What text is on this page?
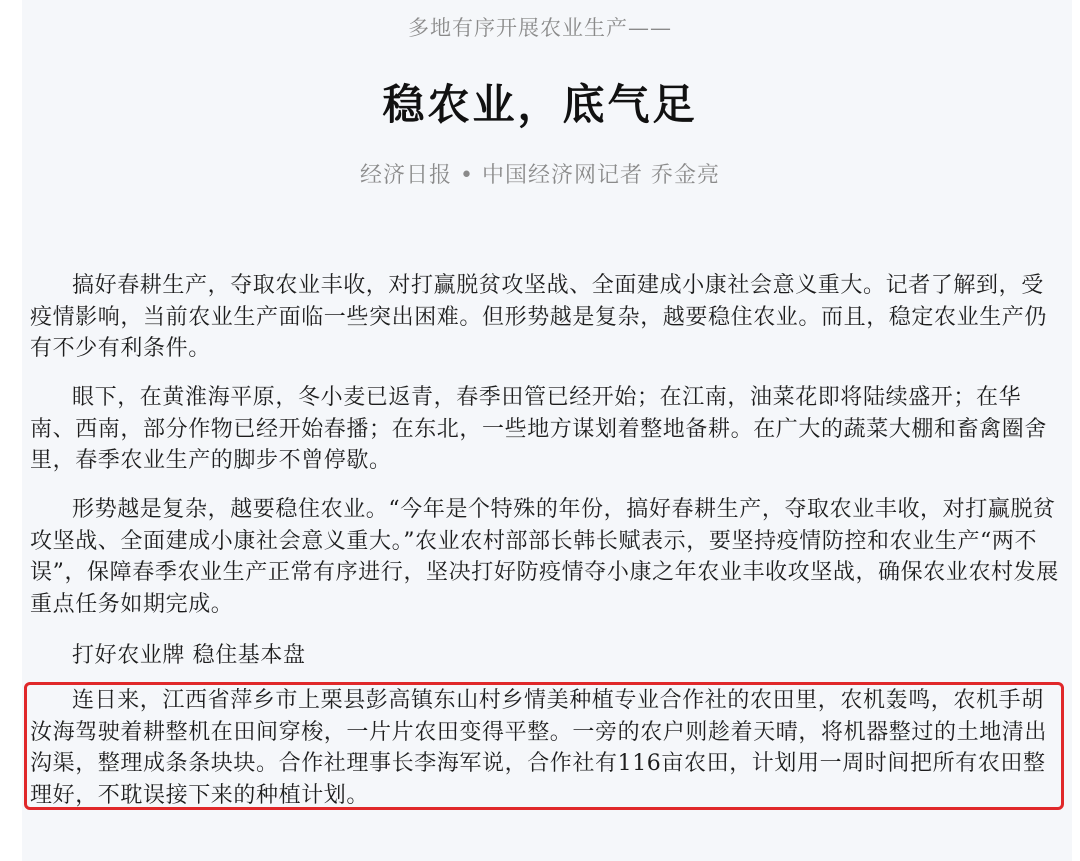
多地有序开展农业生产——
稳农业，底气足
经济日报 • 中国经济网记者 乔金亮

搞好春耕生产，夺取农业丰收，对打赢脱贫攻坚战、全面建成小康社会意义重大。记者了解到，受疫情影响，当前农业生产面临一些突出困难。但形势越是复杂，越要稳住农业。而且，稳定农业生产仍有不少有利条件。

眼下，在黄淮海平原，冬小麦已返青，春季田管已经开始；在江南，油菜花即将陆续盛开；在华南、西南，部分作物已经开始春播；在东北，一些地方谋划着整地备耕。在广大的蔬菜大棚和畜禽圈舍里，春季农业生产的脚步不曾停歇。

形势越是复杂，越要稳住农业。“今年是个特殊的年份，搞好春耕生产，夺取农业丰收，对打赢脱贫攻坚战、全面建成小康社会意义重大。”农业农村部部长韩长赋表示，要坚持疫情防控和农业生产“两不误”，保障春季农业生产正常有序进行，坚决打好防疫情夺小康之年农业丰收攻坚战，确保农业农村发展重点任务如期完成。

打好农业牌 稳住基本盘

连日来，江西省萍乡市上栗县彭高镇东山村乡情美种植专业合作社的农田里，农机轰鸣，农机手胡汝海驾驶着耕整机在田间穿梭，一片片农田变得平整。一旁的农户则趁着天晴，将机器整过的土地清出沟渠，整理成条条块块。合作社理事长李海军说，合作社有116亩农田，计划用一周时间把所有农田整理好，不耽误接下来的种植计划。
